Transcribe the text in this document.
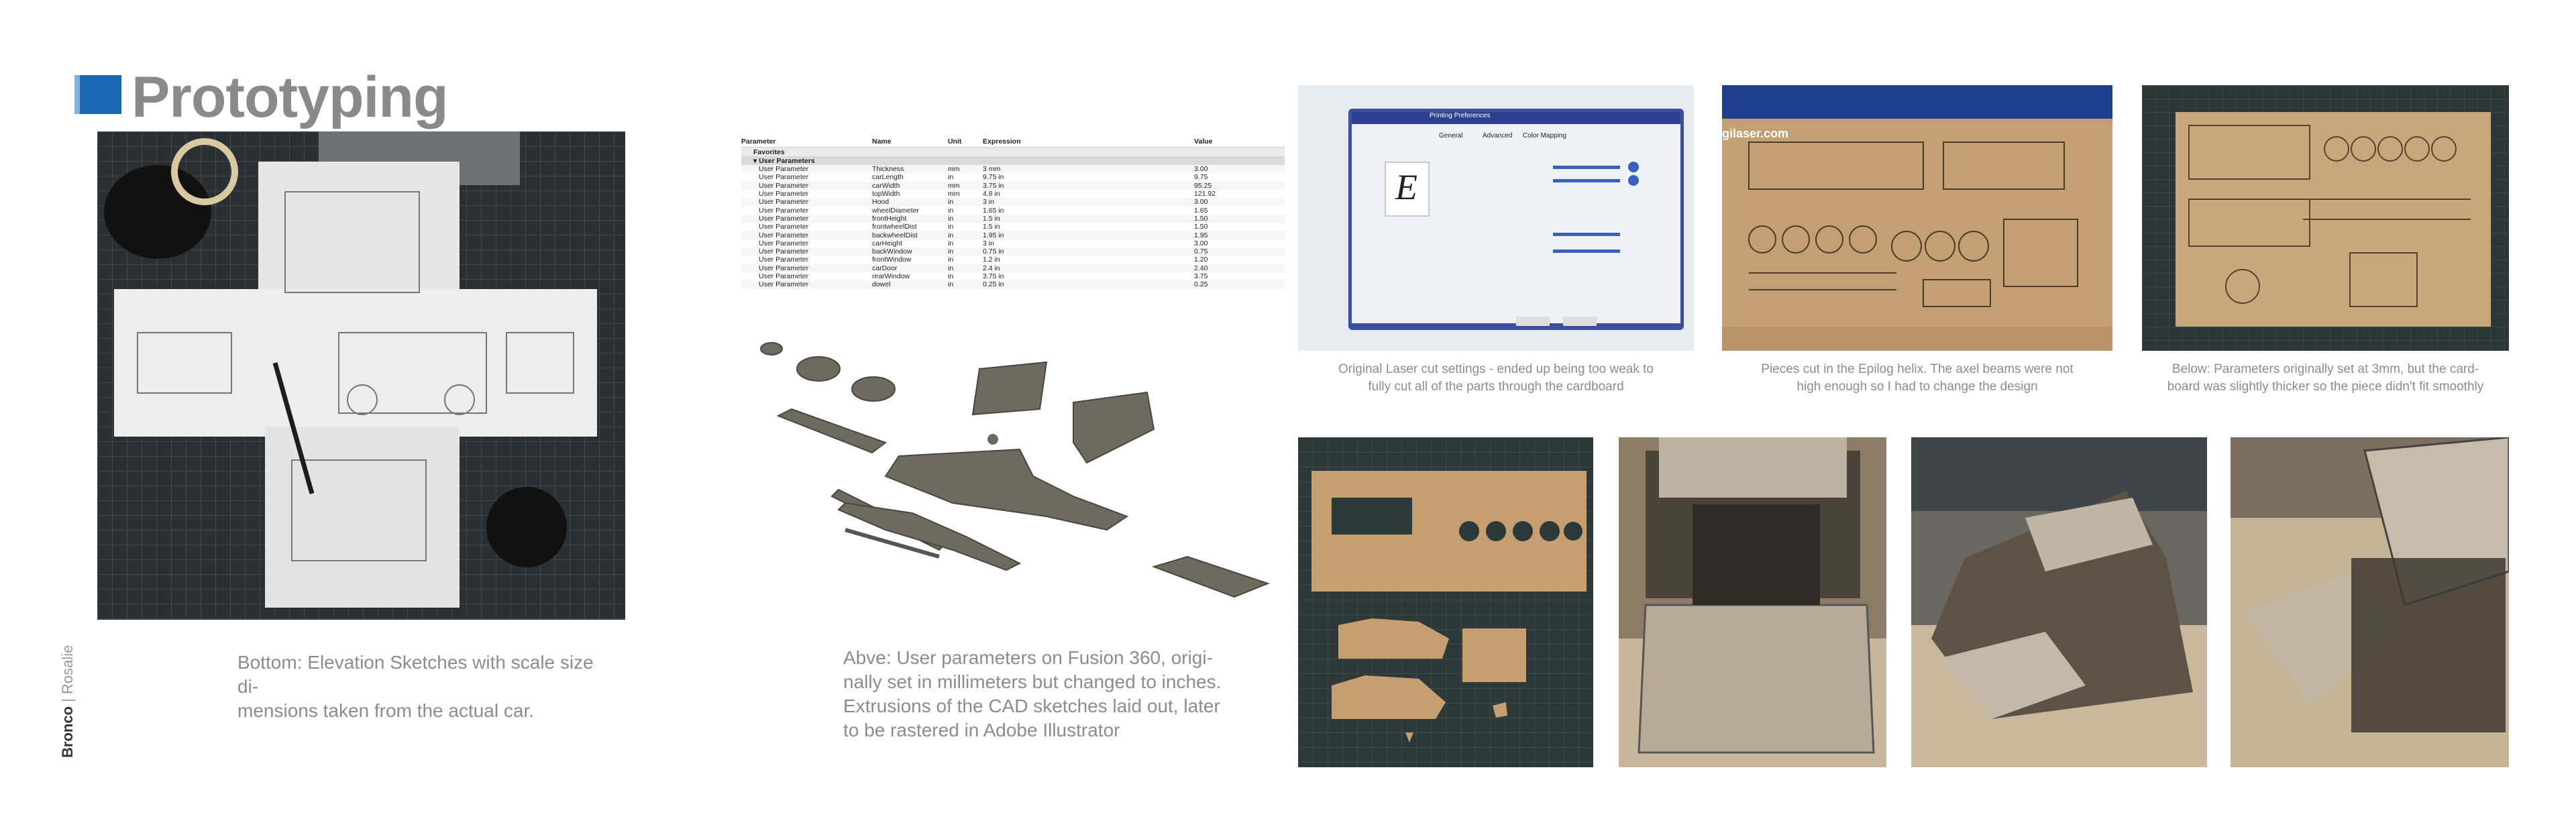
Prototyping
Bronco | Rosalie	Bottom: Elevation Sketches with scale size di-
mensions taken from the actual car.
Parameter	Name	Unit	Expression	Value
Favorites
▾ User Parameters
User Parameter	Thickness	mm	3 mm	3.00
User Parameter	carLength	in	9.75 in	9.75
User Parameter	carWidth	mm	3.75 in	95.25
User Parameter	topWidth	mm	4.8 in	121.92
User Parameter	Hood	in	3 in	3.00
User Parameter	wheelDiameter	in	1.65 in	1.65
User Parameter	frontHeight	in	1.5 in	1.50
User Parameter	frontwheelDist	in	1.5 in	1.50
User Parameter	backwheelDist	in	1.95 in	1.95
User Parameter	carHeight	in	3 in	3.00
User Parameter	backWindow	in	0.75 in	0.75
User Parameter	frontWindow	in	1.2 in	1.20
User Parameter	carDoor	in	2.4 in	2.40
User Parameter	rearWindow	in	3.75 in	3.75
User Parameter	dowel	in	0.25 in	0.25
Abve: User parameters on Fusion 360, origi-
nally set in millimeters but changed to inches.
Extrusions of the CAD sketches laid out, later
to be rastered in Adobe Illustrator
E
Printing Preferences
General	Advanced Color Mapping
Original Laser cut settings - ended up being too weak to
fully cut all of the parts through the cardboard
gilaser.com
Pieces cut in the Epilog helix. The axel beams were not
high enough so I had to change the design
Below: Parameters originally set at 3mm, but the card-
board was slightly thicker so the piece didn't fit smoothly
